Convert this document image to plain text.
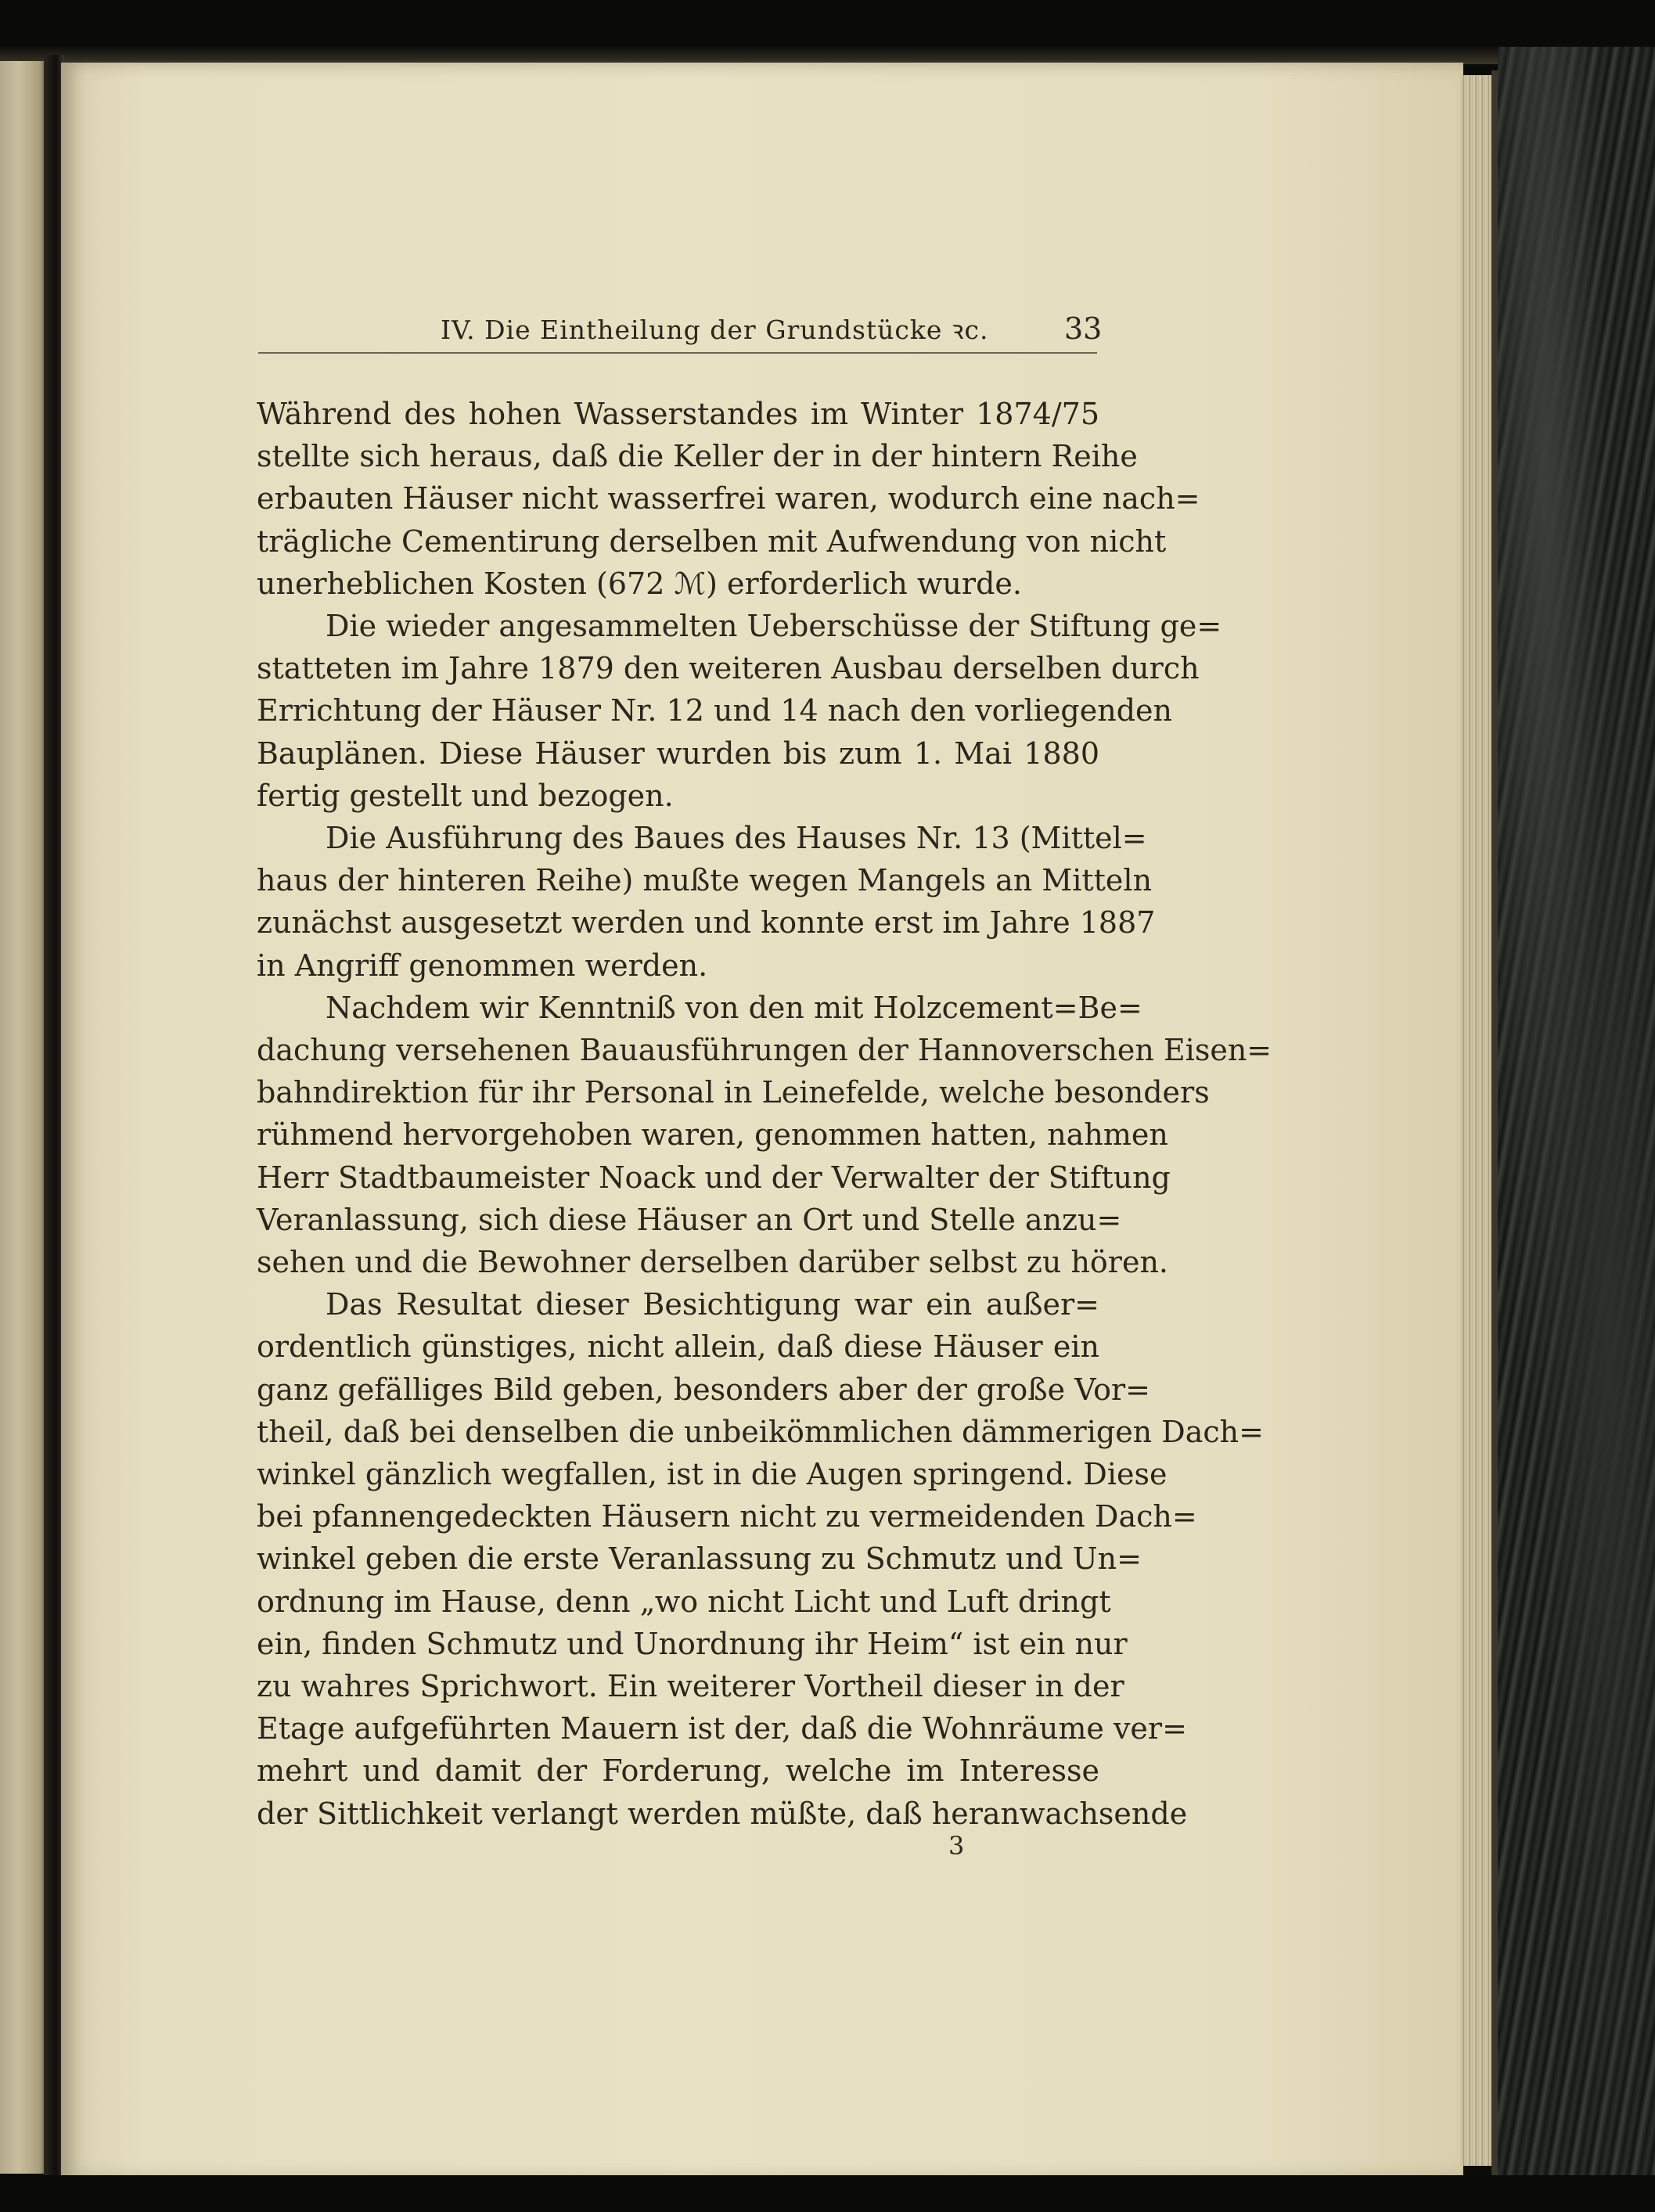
IV. Die Eintheilung der Grundstücke ꝛc.	33
Während des hohen Wasserstandes im Winter 1874/75
stellte sich heraus, daß die Keller der in der hintern Reihe
erbauten Häuser nicht wasserfrei waren, wodurch eine nach=
trägliche Cementirung derselben mit Aufwendung von nicht
unerheblichen Kosten (672 ℳ) erforderlich wurde.
Die wieder angesammelten Ueberschüsse der Stiftung ge=
statteten im Jahre 1879 den weiteren Ausbau derselben durch
Errichtung der Häuser Nr. 12 und 14 nach den vorliegenden
Bauplänen. Diese Häuser wurden bis zum 1. Mai 1880
fertig gestellt und bezogen.
Die Ausführung des Baues des Hauses Nr. 13 (Mittel=
haus der hinteren Reihe) mußte wegen Mangels an Mitteln
zunächst ausgesetzt werden und konnte erst im Jahre 1887
in Angriff genommen werden.
Nachdem wir Kenntniß von den mit Holzcement=Be=
dachung versehenen Bauausführungen der Hannoverschen Eisen=
bahndirektion für ihr Personal in Leinefelde, welche besonders
rühmend hervorgehoben waren, genommen hatten, nahmen
Herr Stadtbaumeister Noack und der Verwalter der Stiftung
Veranlassung, sich diese Häuser an Ort und Stelle anzu=
sehen und die Bewohner derselben darüber selbst zu hören.
Das Resultat dieser Besichtigung war ein außer=
ordentlich günstiges, nicht allein, daß diese Häuser ein
ganz gefälliges Bild geben, besonders aber der große Vor=
theil, daß bei denselben die unbeikömmlichen dämmerigen Dach=
winkel gänzlich wegfallen, ist in die Augen springend. Diese
bei pfannengedeckten Häusern nicht zu vermeidenden Dach=
winkel geben die erste Veranlassung zu Schmutz und Un=
ordnung im Hause, denn „wo nicht Licht und Luft dringt
ein, finden Schmutz und Unordnung ihr Heim“ ist ein nur
zu wahres Sprichwort. Ein weiterer Vortheil dieser in der
Etage aufgeführten Mauern ist der, daß die Wohnräume ver=
mehrt und damit der Forderung, welche im Interesse
der Sittlichkeit verlangt werden müßte, daß heranwachsende
3
